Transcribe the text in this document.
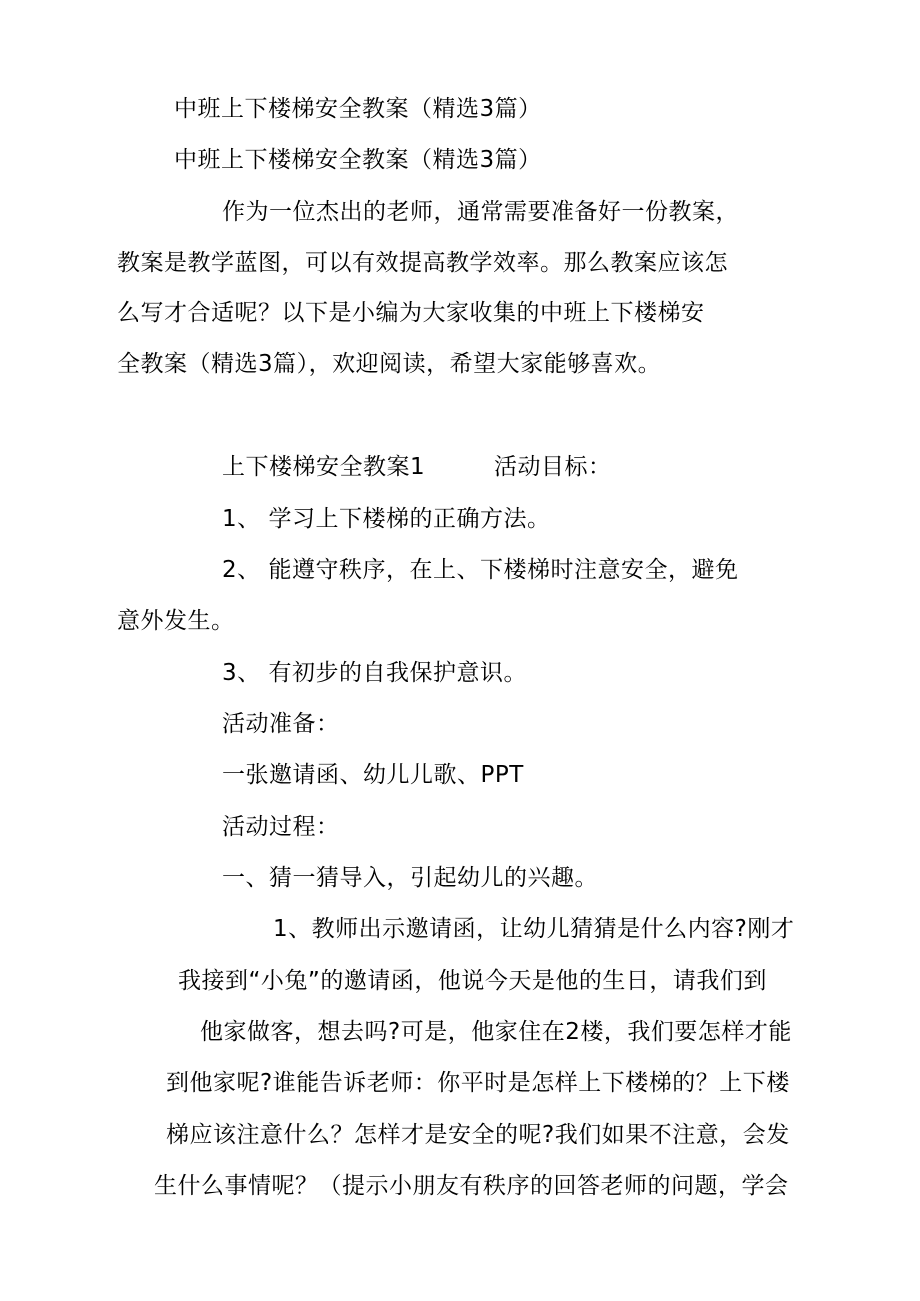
中班上下楼梯安全教案（精选3篇）
中班上下楼梯安全教案（精选3篇）
作为一位杰出的老师，通常需要准备好一份教案，
教案是教学蓝图，可以有效提高教学效率。那么教案应该怎
么写才合适呢？以下是小编为大家收集的中班上下楼梯安
全教案（精选3篇），欢迎阅读，希望大家能够喜欢。
上下楼梯安全教案1	活动目标：
1、 学习上下楼梯的正确方法。
2、 能遵守秩序，在上、下楼梯时注意安全，避免
意外发生。
3、 有初步的自我保护意识。
活动准备：
一张邀请函、幼儿儿歌、PPT
活动过程：
一、猜一猜导入，引起幼儿的兴趣。
1、教师出示邀请函，让幼儿猜猜是什么内容?刚才
我接到“小兔”的邀请函，他说今天是他的生日，请我们到
他家做客，想去吗?可是，他家住在2楼，我们要怎样才能
到他家呢?谁能告诉老师：你平时是怎样上下楼梯的？上下楼
梯应该注意什么？怎样才是安全的呢?我们如果不注意，会发
生什么事情呢？（提示小朋友有秩序的回答老师的问题，学会
